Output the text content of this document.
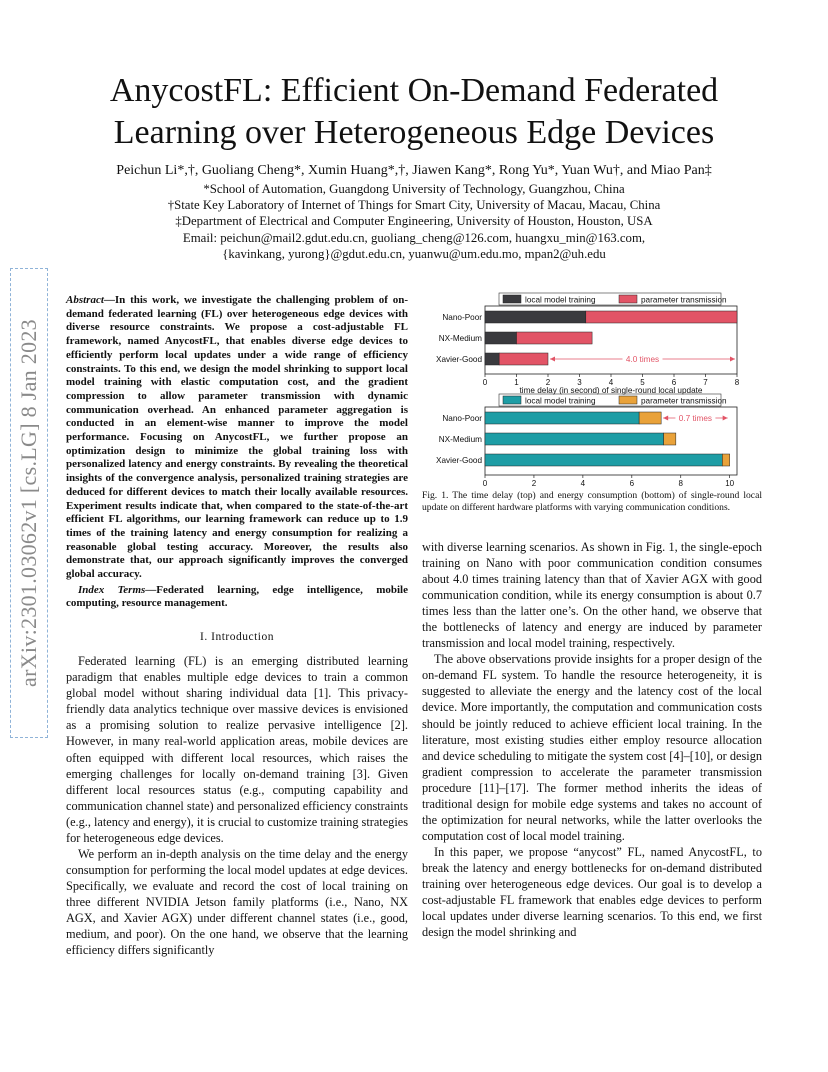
AnycostFL: Efficient On-Demand Federated
Learning over Heterogeneous Edge Devices
Peichun Li*,†, Guoliang Cheng*, Xumin Huang*,†, Jiawen Kang*, Rong Yu*, Yuan Wu†, and Miao Pan‡
*School of Automation, Guangdong University of Technology, Guangzhou, China
†State Key Laboratory of Internet of Things for Smart City, University of Macau, Macau, China
‡Department of Electrical and Computer Engineering, University of Houston, Houston, USA
Email: peichun@mail2.gdut.edu.cn, guoliang_cheng@126.com, huangxu_min@163.com,
{kavinkang, yurong}@gdut.edu.cn, yuanwu@um.edu.mo, mpan2@uh.edu
arXiv:2301.03062v1 [cs.LG] 8 Jan 2023

Abstract—In this work, we investigate the challenging problem of on-demand federated learning (FL) over heterogeneous edge devices with diverse resource constraints. We propose a cost-adjustable FL framework, named AnycostFL, that enables diverse edge devices to efficiently perform local updates under a wide range of efficiency constraints. To this end, we design the model shrinking to support local model training with elastic computation cost, and the gradient compression to allow parameter transmission with dynamic communication overhead. An enhanced parameter aggregation is conducted in an element-wise manner to improve the model performance. Focusing on AnycostFL, we further propose an optimization design to minimize the global training loss with personalized latency and energy constraints. By revealing the theoretical insights of the convergence analysis, personalized training strategies are deduced for different devices to match their locally available resources. Experiment results indicate that, when compared to the state-of-the-art efficient FL algorithms, our learning framework can reduce up to 1.9 times of the training latency and energy consumption for realizing a reasonable global testing accuracy. Moreover, the results also demonstrate that, our approach significantly improves the converged global accuracy.

Index Terms—Federated learning, edge intelligence, mobile computing, resource management.

I. Introduction

Federated learning (FL) is an emerging distributed learning paradigm that enables multiple edge devices to train a common global model without sharing individual data [1]. This privacy-friendly data analytics technique over massive devices is envisioned as a promising solution to realize pervasive intelligence [2]. However, in many real-world application areas, mobile devices are often equipped with different local resources, which raises the emerging challenges for locally on-demand training [3]. Given different local resources status (e.g., computing capability and communication channel state) and personalized efficiency constraints (e.g., latency and energy), it is crucial to customize training strategies for heterogeneous edge devices.

We perform an in-depth analysis on the time delay and the energy consumption for performing the local model updates at edge devices. Specifically, we evaluate and record the cost of local training on three different NVIDIA Jetson family platforms (i.e., Nano, NX AGX, and Xavier AGX) under different channel states (i.e., good, medium, and poor). On the one hand, we observe that the learning efficiency differs significantly

local model training	parameter transmission
Nano-Poor
NX-Medium
Xavier-Good
0	1	2	3	4	5	6	7	8
time delay (in second) of single-round local update
4.0 times
local model training	parameter transmission
Nano-Poor
NX-Medium
Xavier-Good
0	2	4	6	8	10
0.7 times
Fig. 1. The time delay (top) and energy consumption (bottom) of single-round local update on different hardware platforms with varying communication conditions.

with diverse learning scenarios. As shown in Fig. 1, the single-epoch training on Nano with poor communication condition consumes about 4.0 times training latency than that of Xavier AGX with good communication condition, while its energy consumption is about 0.7 times less than the latter one’s. On the other hand, we observe that the bottlenecks of latency and energy are induced by parameter transmission and local model training, respectively.

The above observations provide insights for a proper design of the on-demand FL system. To handle the resource heterogeneity, it is suggested to alleviate the energy and the latency cost of the local device. More importantly, the computation and communication costs should be jointly reduced to achieve efficient local training. In the literature, most existing studies either employ resource allocation and device scheduling to mitigate the system cost [4]–[10], or design gradient compression to accelerate the parameter transmission procedure [11]–[17]. The former method inherits the ideas of traditional design for mobile edge systems and takes no account of the optimization for neural networks, while the latter overlooks the computation cost of local model training.

In this paper, we propose “anycost” FL, named AnycostFL, to break the latency and energy bottlenecks for on-demand distributed training over heterogeneous edge devices. Our goal is to develop a cost-adjustable FL framework that enables edge devices to perform local updates under diverse learning scenarios. To this end, we first design the model shrinking and
